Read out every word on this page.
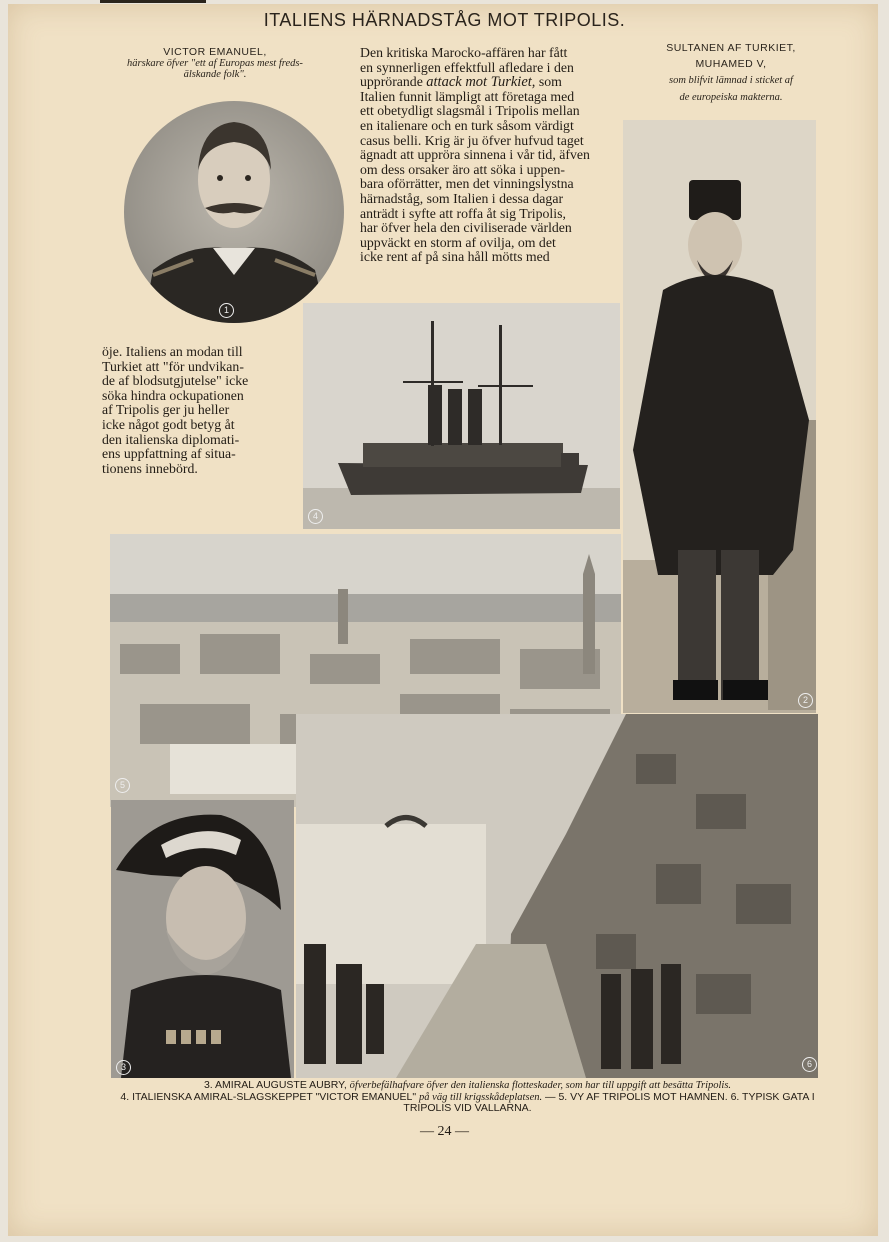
ITALIENS HÄRNADSTÅG MOT TRIPOLIS.
VICTOR EMANUEL,
härskare öfver "ett af Europas mest freds-
älskande folk".
SULTANEN AF TURKIET,
MUHAMED V,
som blifvit lämnad i sticket af
de europeiska makterna.
Den kritiska Marocko-affären har fått
en synnerligen effektfull afledare i den
upprörande attack mot Turkiet, som
Italien funnit lämpligt att företaga med
ett obetydligt slagsmål i Tripolis mellan
en italienare och en turk såsom värdigt
casus belli. Krig är ju öfver hufvud taget
ägnadt att uppröra sinnena i vår tid, äfven
om dess orsaker äro att söka i uppen-
bara oförrätter, men det vinningslystna
härnadståg, som Italien i dessa dagar
anträdt i syfte att roffa åt sig Tripolis,
har öfver hela den civiliserade världen
uppväckt en storm af ovilja, om det
icke rent af på sina håll mötts med
öje. Italiens an modan till
Turkiet att "för undvikan-
de af blodsutgjutelse" icke
söka hindra ockupationen
af Tripolis ger ju heller
icke något godt betyg åt
den italienska diplomati-
ens uppfattning af situa-
tionens innebörd.
1
2
4
5
3	6
3. AMIRAL AUGUSTE AUBRY, öfverbefälhafvare öfver den italienska flotteskader, som har till uppgift att besätta Tripolis.
4. ITALIENSKA AMIRAL-SLAGSKEPPET "VICTOR EMANUEL" på väg till krigsskådeplatsen. — 5. VY AF TRIPOLIS MOT HAMNEN. 6. TYPISK GATA I TRIPOLIS VID VALLARNA.
— 24 —
